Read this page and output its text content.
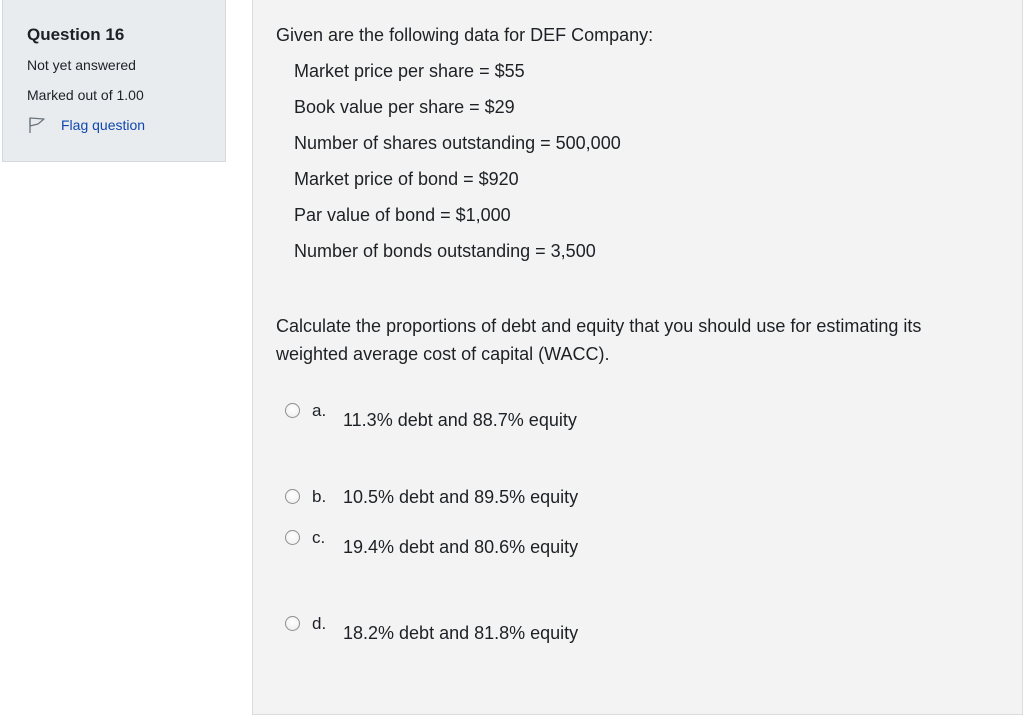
Question 16
Not yet answered
Marked out of 1.00
Flag question
Given are the following data for DEF Company:
Market price per share = $55
Book value per share = $29
Number of shares outstanding = 500,000
Market price of bond = $920
Par value of bond = $1,000
Number of bonds outstanding = 3,500
Calculate the proportions of debt and equity that you should use for estimating its weighted average cost of capital (WACC).
a. 11.3% debt and 88.7% equity
b. 10.5% debt and 89.5% equity
c. 19.4% debt and 80.6% equity
d. 18.2% debt and 81.8% equity
